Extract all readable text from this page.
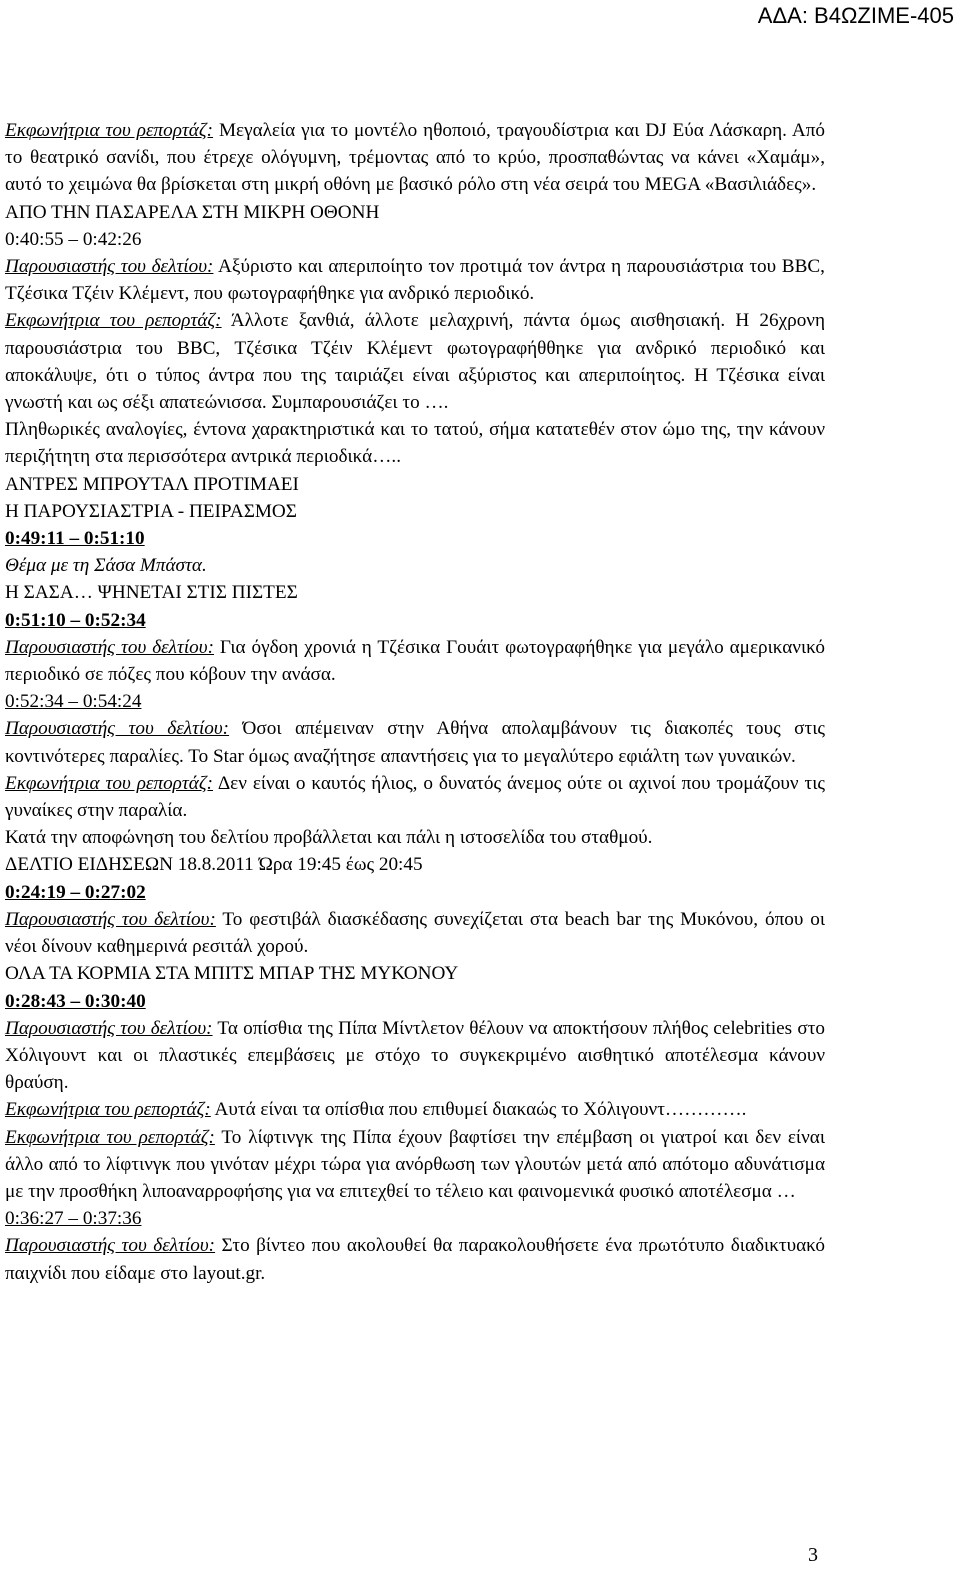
ΑΔΑ: Β4ΩΖΙΜΕ-405

Εκφωνήτρια του ρεπορτάζ: Μεγαλεία για το μοντέλο ηθοποιό, τραγουδίστρια και DJ Εύα Λάσκαρη. Από το θεατρικό σανίδι, που έτρεχε ολόγυμνη, τρέμοντας από το κρύο, προσπαθώντας να κάνει «Χαμάμ», αυτό το χειμώνα θα βρίσκεται στη μικρή οθόνη με βασικό ρόλο στη νέα σειρά του MEGA «Βασιλιάδες».

ΑΠΟ ΤΗΝ ΠΑΣΑΡΕΛΑ ΣΤΗ ΜΙΚΡΗ ΟΘΟΝΗ

0:40:55 – 0:42:26

Παρουσιαστής του δελτίου: Αξύριστο και απεριποίητο τον προτιμά τον άντρα η παρουσιάστρια του BBC, Τζέσικα Τζέιν Κλέμεντ, που φωτογραφήθηκε για ανδρικό περιοδικό.

Εκφωνήτρια του ρεπορτάζ: Άλλοτε ξανθιά, άλλοτε μελαχρινή, πάντα όμως αισθησιακή. Η 26χρονη παρουσιάστρια του BBC, Τζέσικα Τζέιν Κλέμεντ φωτογραφήθθηκε για ανδρικό περιοδικό και αποκάλυψε, ότι ο τύπος άντρα που της ταιριάζει είναι αξύριστος και απεριποίητος. Η Τζέσικα είναι γνωστή και ως σέξι απατεώνισσα. Συμπαρουσιάζει το ….

Πληθωρικές αναλογίες, έντονα χαρακτηριστικά και το τατού, σήμα κατατεθέν στον ώμο της, την κάνουν περιζήτητη στα περισσότερα αντρικά περιοδικά…..

ΑΝΤΡΕΣ ΜΠΡΟΥΤΑΛ ΠΡΟΤΙΜΑΕΙ

Η ΠΑΡΟΥΣΙΑΣΤΡΙΑ - ΠΕΙΡΑΣΜΟΣ

0:49:11 – 0:51:10

Θέμα με τη Σάσα Μπάστα.

Η ΣΑΣΑ… ΨΗΝΕΤΑΙ ΣΤΙΣ ΠΙΣΤΕΣ

0:51:10 – 0:52:34

Παρουσιαστής του δελτίου: Για όγδοη χρονιά η Τζέσικα Γουάιτ φωτογραφήθηκε για μεγάλο αμερικανικό περιοδικό σε πόζες που κόβουν την ανάσα.

0:52:34 – 0:54:24

Παρουσιαστής του δελτίου: Όσοι απέμειναν στην Αθήνα απολαμβάνουν τις διακοπές τους στις κοντινότερες παραλίες. Το Star όμως αναζήτησε απαντήσεις για το μεγαλύτερο εφιάλτη των γυναικών.

Εκφωνήτρια του ρεπορτάζ: Δεν είναι ο καυτός ήλιος, ο δυνατός άνεμος ούτε οι αχινοί που τρομάζουν τις γυναίκες στην παραλία.

Κατά την αποφώνηση του δελτίου προβάλλεται και πάλι η ιστοσελίδα του σταθμού.

ΔΕΛΤΙΟ ΕΙΔΗΣΕΩΝ 18.8.2011 Ώρα 19:45 έως 20:45

0:24:19 – 0:27:02

Παρουσιαστής του δελτίου: Το φεστιβάλ διασκέδασης συνεχίζεται στα beach bar της Μυκόνου, όπου οι νέοι δίνουν καθημερινά ρεσιτάλ χορού.

ΟΛΑ ΤΑ ΚΟΡΜΙΑ ΣΤΑ ΜΠΙΤΣ ΜΠΑΡ ΤΗΣ ΜΥΚΟΝΟΥ

0:28:43 – 0:30:40

Παρουσιαστής του δελτίου: Τα οπίσθια της Πίπα Μίντλετον θέλουν να αποκτήσουν πλήθος celebrities στο Χόλιγουντ και οι πλαστικές επεμβάσεις με στόχο το συγκεκριμένο αισθητικό αποτέλεσμα κάνουν θραύση.

Εκφωνήτρια του ρεπορτάζ: Αυτά είναι τα οπίσθια που επιθυμεί διακαώς το Χόλιγουντ………….

Εκφωνήτρια του ρεπορτάζ: Το λίφτινγκ της Πίπα έχουν βαφτίσει την επέμβαση οι γιατροί και δεν είναι άλλο από το λίφτινγκ που γινόταν μέχρι τώρα για ανόρθωση των γλουτών μετά από απότομο αδυνάτισμα με την προσθήκη λιποαναρροφήσης για να επιτεχθεί το τέλειο και φαινομενικά φυσικό αποτέλεσμα …

0:36:27 – 0:37:36

Παρουσιαστής του δελτίου: Στο βίντεο που ακολουθεί θα παρακολουθήσετε ένα πρωτότυπο διαδικτυακό παιχνίδι που είδαμε στο layout.gr.

3
